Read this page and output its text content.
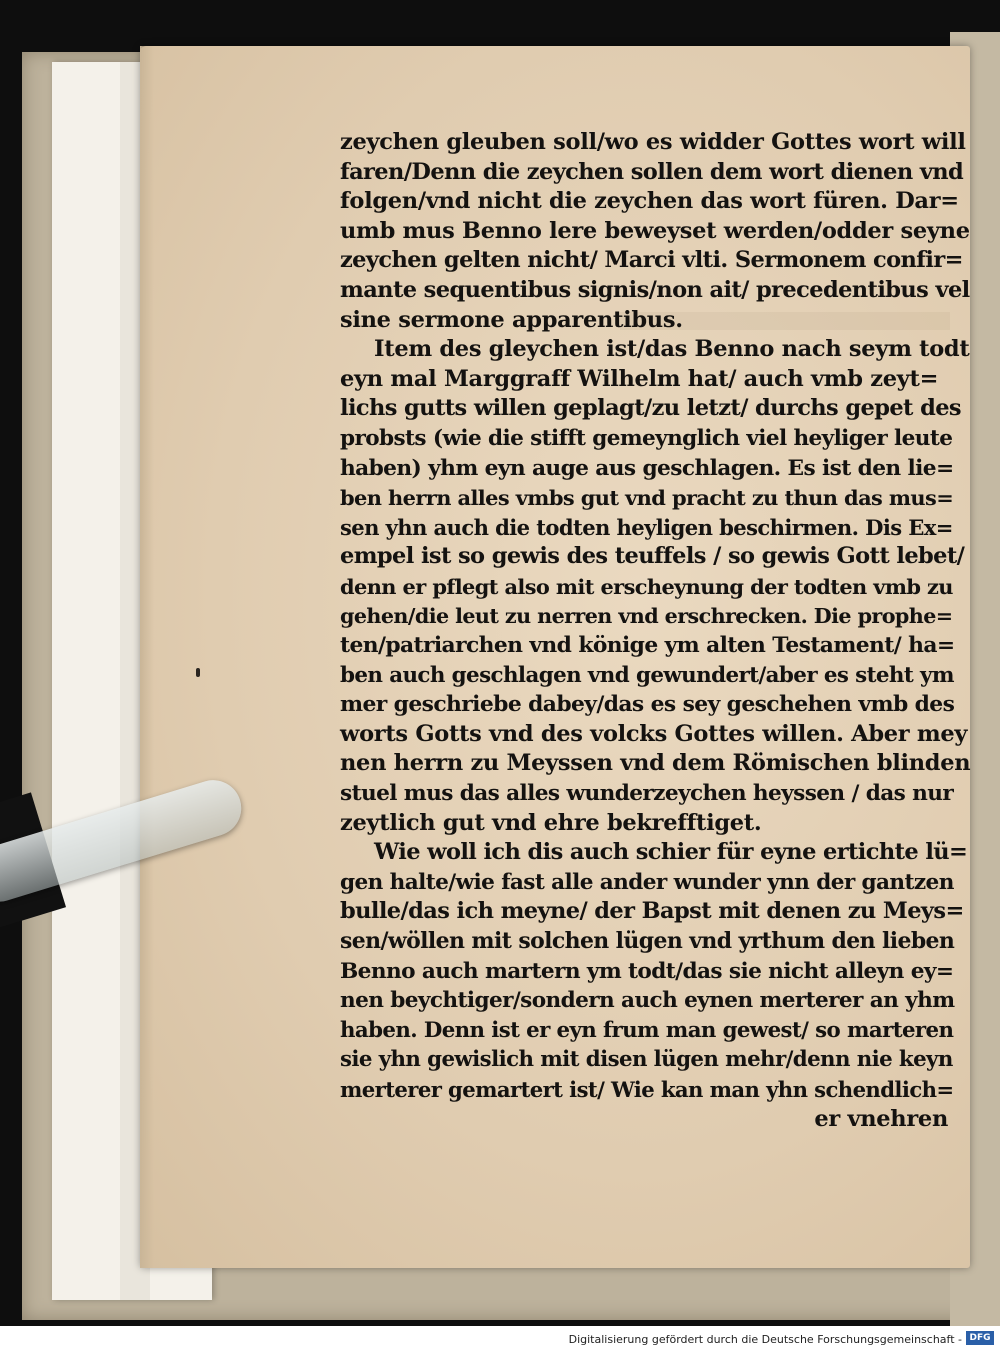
zeychen gleuben soll/wo es widder Gottes wort will
faren/Denn die zeychen sollen dem wort dienen vnd
folgen/vnd nicht die zeychen das wort füren. Dar=
umb mus Benno lere beweyset werden/odder seyne
zeychen gelten nicht/ Marci vlti. Sermonem confir=
mante sequentibus signis/non ait/ precedentibus vel
sine sermone apparentibus.
Item des gleychen ist/das Benno nach seym todt
eyn mal Marggraff Wilhelm hat/ auch vmb zeyt=
lichs gutts willen geplagt/zu letzt/ durchs gepet des
probsts (wie die stifft gemeynglich viel heyliger leute
haben) yhm eyn auge aus geschlagen. Es ist den lie=
ben herrn alles vmbs gut vnd pracht zu thun das mus=
sen yhn auch die todten heyligen beschirmen. Dis Ex=
empel ist so gewis des teuffels / so gewis Gott lebet/
denn er pflegt also mit erscheynung der todten vmb zu
gehen/die leut zu nerren vnd erschrecken. Die prophe=
ten/patriarchen vnd könige ym alten Testament/ ha=
ben auch geschlagen vnd gewundert/aber es steht ym
mer geschriebe dabey/das es sey geschehen vmb des
worts Gotts vnd des volcks Gottes willen. Aber mey
nen herrn zu Meyssen vnd dem Römischen blinden
stuel mus das alles wunderzeychen heyssen / das nur
zeytlich gut vnd ehre bekrefftiget.
Wie woll ich dis auch schier für eyne ertichte lü=
gen halte/wie fast alle ander wunder ynn der gantzen
bulle/das ich meyne/ der Bapst mit denen zu Meys=
sen/wöllen mit solchen lügen vnd yrthum den lieben
Benno auch martern ym todt/das sie nicht alleyn ey=
nen beychtiger/sondern auch eynen merterer an yhm
haben. Denn ist er eyn frum man gewest/ so marteren
sie yhn gewislich mit disen lügen mehr/denn nie keyn
merterer gemartert ist/ Wie kan man yhn schendlich=
er vnehren
Digitalisierung gefördert durch die Deutsche Forschungsgemeinschaft - DFG
